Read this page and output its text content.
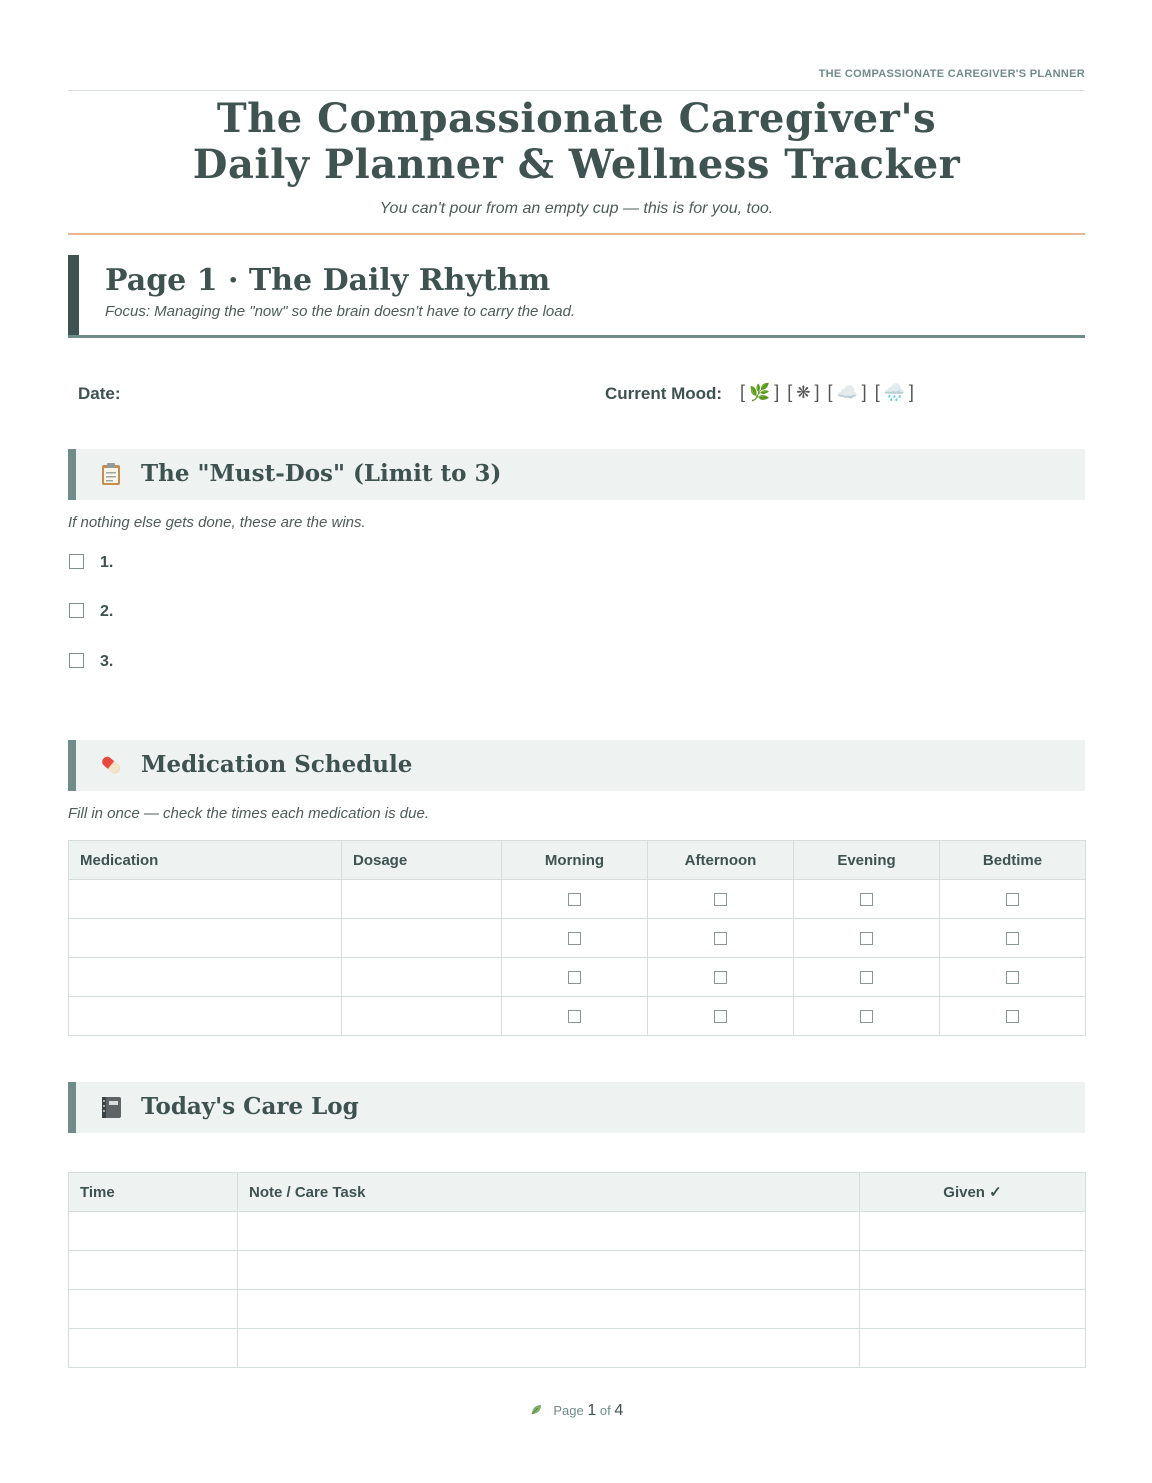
THE COMPASSIONATE CAREGIVER'S PLANNER
The Compassionate Caregiver's
Daily Planner & Wellness Tracker
You can't pour from an empty cup — this is for you, too.
Page 1 · The Daily Rhythm
Focus: Managing the "now" so the brain doesn’t have to carry the load.
Date:	Current Mood: [ 🌿 ] [ ❋ ] [ ☁️ ] [ 🌧️ ]
The "Must-Dos" (Limit to 3)
If nothing else gets done, these are the wins.
1.
2.
3.
Medication Schedule
Fill in once — check the times each medication is due.
Medication	Dosage	Morning	Afternoon	Evening	Bedtime

Today's Care Log
Time	Note / Care Task	Given ✓

Page 1 of 4
